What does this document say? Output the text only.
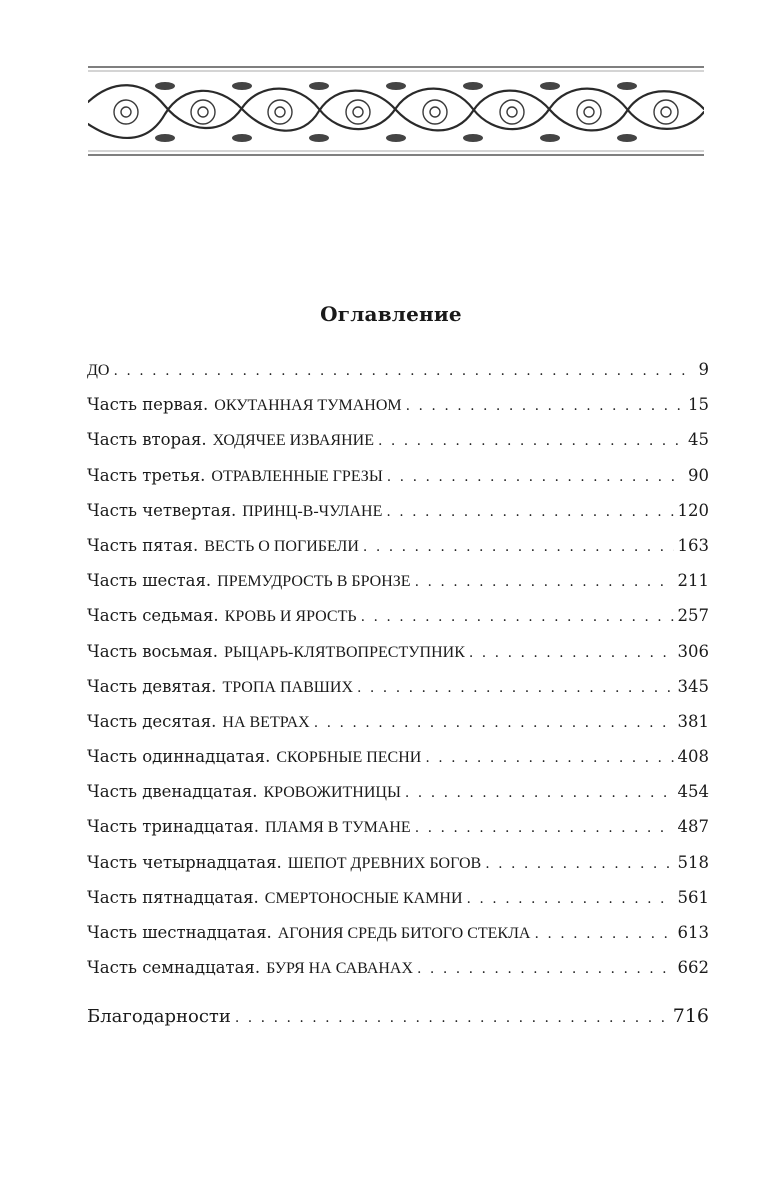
Оглавление
ДО . . .	9
Часть первая. ОКУТАННАЯ ТУМАНОМ . . .	15
Часть вторая. ХОДЯЧЕЕ ИЗВАЯНИЕ . . .	45
Часть третья. ОТРАВЛЕННЫЕ ГРЕЗЫ . . .	90
Часть четвертая. ПРИНЦ-В-ЧУЛАНЕ . . .	120
Часть пятая. ВЕСТЬ О ПОГИБЕЛИ . . .	163
Часть шестая. ПРЕМУДРОСТЬ В БРОНЗЕ . . .	211
Часть седьмая. КРОВЬ И ЯРОСТЬ . . .	257
Часть восьмая. РЫЦАРЬ-КЛЯТВОПРЕСТУПНИК . . .	306
Часть девятая. ТРОПА ПАВШИХ . . .	345
Часть десятая. НА ВЕТРАХ . . .	381
Часть одиннадцатая. СКОРБНЫЕ ПЕСНИ . . .	408
Часть двенадцатая. КРОВОЖИТНИЦЫ . . .	454
Часть тринадцатая. ПЛАМЯ В ТУМАНЕ . . .	487
Часть четырнадцатая. ШЕПОТ ДРЕВНИХ БОГОВ . . .	518
Часть пятнадцатая. СМЕРТОНОСНЫЕ КАМНИ . . .	561
Часть шестнадцатая. АГОНИЯ СРЕДЬ БИТОГО СТЕКЛА . . .	613
Часть семнадцатая. БУРЯ НА САВАНАХ . . .	662
Благодарности . . .	716
